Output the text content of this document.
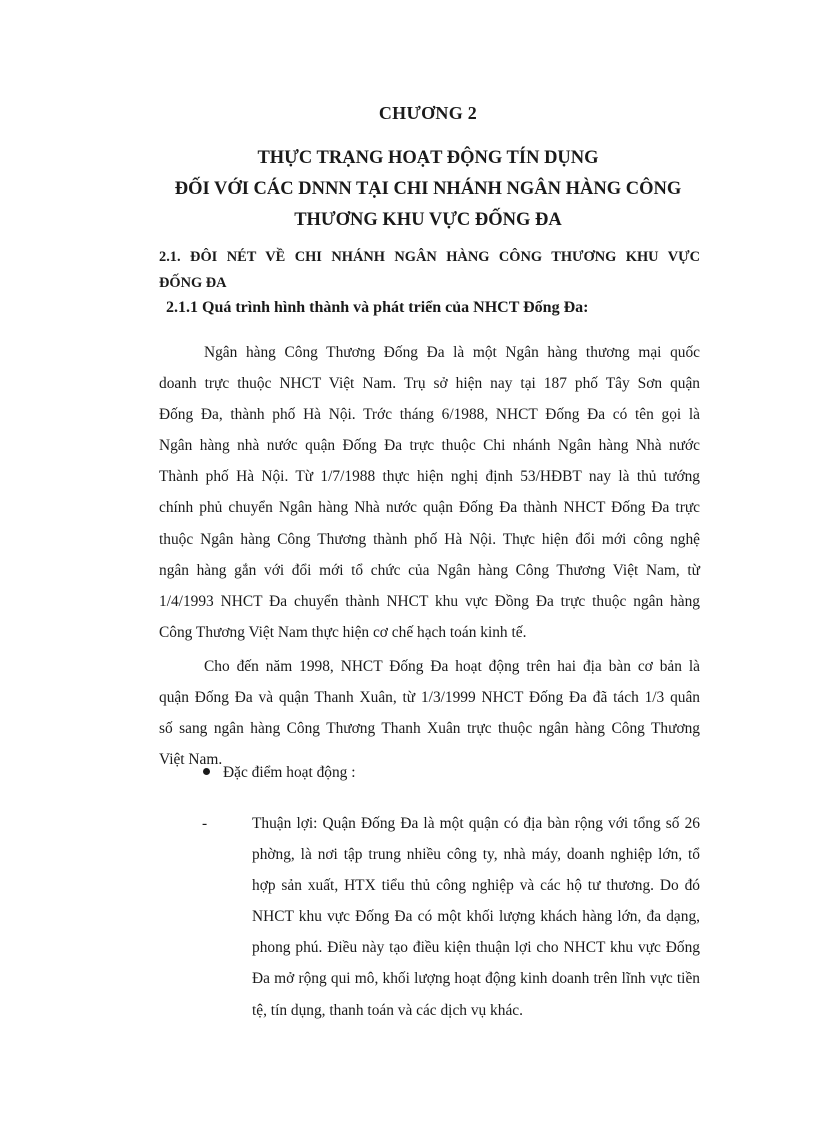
CHƯƠNG 2
THỰC TRẠNG HOẠT ĐỘNG TÍN DỤNG
ĐỐI VỚI CÁC DNNN TẠI CHI NHÁNH NGÂN HÀNG CÔNG
THƯƠNG KHU VỰC ĐỐNG ĐA
2.1. ĐÔI NÉT VỀ CHI NHÁNH NGÂN HÀNG CÔNG THƯƠNG KHU VỰC
ĐỐNG ĐA
2.1.1 Quá trình hình thành và phát triển của NHCT Đống Đa:
Ngân hàng Công Thương Đống Đa là một Ngân hàng thương mại quốc
doanh trực thuộc NHCT Việt Nam. Trụ sở hiện nay tại 187 phố Tây Sơn quận
Đống Đa, thành phố Hà Nội. Trớc tháng 6/1988, NHCT Đống Đa có tên gọi là
Ngân hàng nhà nước quận Đống Đa trực thuộc Chi nhánh Ngân hàng Nhà nước
Thành phố Hà Nội. Từ 1/7/1988 thực hiện nghị định 53/HĐBT nay là thủ tướng
chính phủ chuyển Ngân hàng Nhà nước quận Đống Đa thành NHCT Đống Đa trực
thuộc Ngân hàng Công Thương thành phố Hà Nội. Thực hiện đổi mới công nghệ
ngân hàng gắn với đổi mới tổ chức của Ngân hàng Công Thương Việt Nam, từ
1/4/1993 NHCT Đa chuyển thành NHCT khu vực Đồng Đa trực thuộc ngân hàng
Công Thương Việt Nam thực hiện cơ chế hạch toán kinh tế.
Cho đến năm 1998, NHCT Đống Đa hoạt động trên hai địa bàn cơ bản là
quận Đống Đa và quận Thanh Xuân, từ 1/3/1999 NHCT Đống Đa đã tách 1/3 quân
số sang ngân hàng Công Thương Thanh Xuân trực thuộc ngân hàng Công Thương
Việt Nam.
Đặc điểm hoạt động :
-	Thuận lợi: Quận Đống Đa là một quận có địa bàn rộng với tổng số 26
phờng, là nơi tập trung nhiều công ty, nhà máy, doanh nghiệp lớn, tổ
hợp sản xuất, HTX tiểu thủ công nghiệp và các hộ tư thương. Do đó
NHCT khu vực Đống Đa có một khối lượng khách hàng lớn, đa dạng,
phong phú. Điều này tạo điều kiện thuận lợi cho NHCT khu vực Đống
Đa mở rộng qui mô, khối lượng hoạt động kinh doanh trên lĩnh vực tiền
tệ, tín dụng, thanh toán và các dịch vụ khác.
